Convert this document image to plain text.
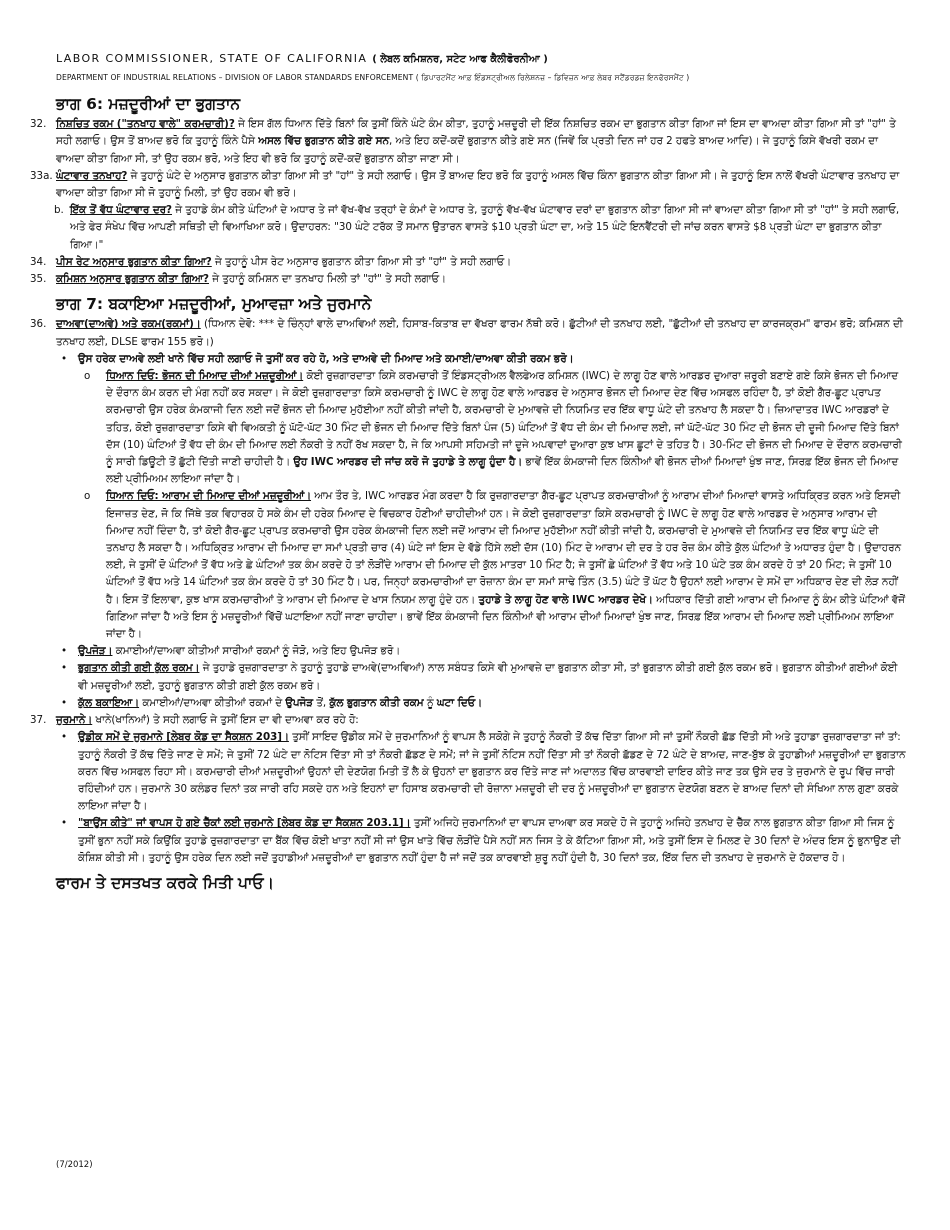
LABOR COMMISSIONER, STATE OF CALIFORNIA ( ਲੇਬਲ ਕਮਿਸ਼ਨਰ, ਸਟੇਟ ਆਫ ਕੈਲੀਫੋਰਨੀਆ )
DEPARTMENT OF INDUSTRIAL RELATIONS – DIVISION OF LABOR STANDARDS ENFORCEMENT ( ਡਿਪਾਰਟਮੈਂਟ ਆਫ਼ ਇੰਡਸਟ੍ਰੀਅਲ ਰਿਲੇਸ਼ਨਜ਼ – ਡਿਵਿਜ਼ਨ ਆਫ਼ ਲੇਬਰ ਸਟੈਂਡਰਡਜ਼ ਇਨਫੋਰਸਮੈਂਟ )
ਭਾਗ 6: ਮਜ਼ਦੂਰੀਆਂ ਦਾ ਭੁਗਤਾਨ
32. ਨਿਸ਼ਚਿਤ ਰਕਮ ("ਤਨਖਾਹ ਵਾਲੇ" ਕਰਮਚਾਰੀ)? ਜੇ ਇਸ ਗੱਲ ਧਿਆਨ ਦਿੱਤੇ ਬਿਨਾਂ ਕਿ ਤੁਸੀਂ ਕਿੰਨੇ ਘੰਟੇ ਕੰਮ ਕੀਤਾ, ਤੁਹਾਨੂੰ ਮਜ਼ਦੂਰੀ ਦੀ ਇੱਕ ਨਿਸ਼ਚਿਤ ਰਕਮ ਦਾ ਭੁਗਤਾਨ ਕੀਤਾ ਗਿਆ ਜਾਂ ਇਸ ਦਾ ਵਾਅਦਾ ਕੀਤਾ ਗਿਆ ਸੀ ਤਾਂ "ਹਾਂ" ਤੇ ਸਹੀ ਲਗਾਓ। ਉਸ ਤੋਂ ਬਾਅਦ ਭਰੋ ਕਿ ਤੁਹਾਨੂੰ ਕਿੰਨੇ ਪੈਸੇ ਅਸਲ ਵਿੱਚ ਭੁਗਤਾਨ ਕੀਤੇ ਗਏ ਸਨ, ਅਤੇ ਇਹ ਕਦੋਂ-ਕਦੋਂ ਭੁਗਤਾਨ ਕੀਤੇ ਗਏ ਸਨ (ਜਿਵੇਂ ਕਿ ਪ੍ਰਤੀ ਦਿਨ ਜਾਂ ਹਰ 2 ਹਫਤੇ ਬਾਅਦ ਆਦਿ)। ਜੇ ਤੁਹਾਨੂੰ ਕਿਸੇ ਵੱਖਰੀ ਰਕਮ ਦਾ ਵਾਅਦਾ ਕੀਤਾ ਗਿਆ ਸੀ, ਤਾਂ ਉਹ ਰਕਮ ਭਰੋ, ਅਤੇ ਇਹ ਵੀ ਭਰੋ ਕਿ ਤੁਹਾਨੂੰ ਕਦੋਂ-ਕਦੋਂ ਭੁਗਤਾਨ ਕੀਤਾ ਜਾਣਾ ਸੀ।
33a. ਘੰਟਾਵਾਰ ਤਨਖਾਹ? ਜੇ ਤੁਹਾਨੂੰ ਘੰਟੇ ਦੇ ਅਨੁਸਾਰ ਭੁਗਤਾਨ ਕੀਤਾ ਗਿਆ ਸੀ ਤਾਂ "ਹਾਂ" ਤੇ ਸਹੀ ਲਗਾਓ। ਉਸ ਤੋਂ ਬਾਅਦ ਇਹ ਭਰੋ ਕਿ ਤੁਹਾਨੂੰ ਅਸਲ ਵਿੱਚ ਕਿੰਨਾ ਭੁਗਤਾਨ ਕੀਤਾ ਗਿਆ ਸੀ। ਜੇ ਤੁਹਾਨੂੰ ਇਸ ਨਾਲੋਂ ਵੱਖਰੀ ਘੰਟਾਵਾਰ ਤਨਖਾਹ ਦਾ ਵਾਅਦਾ ਕੀਤਾ ਗਿਆ ਸੀ ਜੋ ਤੁਹਾਨੂੰ ਮਿਲੀ, ਤਾਂ ਉਹ ਰਕਮ ਵੀ ਭਰੋ।
b. ਇੱਕ ਤੋਂ ਵੱਧ ਘੰਟਾਵਾਰ ਦਰ? ਜੇ ਤੁਹਾਡੇ ਕੰਮ ਕੀਤੇ ਘੰਟਿਆਂ ਦੇ ਅਧਾਰ ਤੇ ਜਾਂ ਵੱਖ-ਵੱਖ ਤਰ੍ਹਾਂ ਦੇ ਕੰਮਾਂ ਦੇ ਅਧਾਰ ਤੇ, ਤੁਹਾਨੂੰ ਵੱਖ-ਵੱਖ ਘੰਟਾਵਾਰ ਦਰਾਂ ਦਾ ਭੁਗਤਾਨ ਕੀਤਾ ਗਿਆ ਸੀ ਜਾਂ ਵਾਅਦਾ ਕੀਤਾ ਗਿਆ ਸੀ ਤਾਂ "ਹਾਂ" ਤੇ ਸਹੀ ਲਗਾਓ, ਅਤੇ ਫੇਰ ਸੰਖੇਪ ਵਿੱਚ ਆਪਣੀ ਸਥਿਤੀ ਦੀ ਵਿਆਖਿਆ ਕਰੋ। ਉਦਾਹਰਨ: "30 ਘੰਟੇ ਟਰੱਕ ਤੋਂ ਸਮਾਨ ਉਤਾਰਨ ਵਾਸਤੇ $10 ਪ੍ਰਤੀ ਘੰਟਾ ਦਾ, ਅਤੇ 15 ਘੰਟੇ ਇਨਵੈਂਟਰੀ ਦੀ ਜਾਂਚ ਕਰਨ ਵਾਸਤੇ $8 ਪ੍ਰਤੀ ਘੰਟਾ ਦਾ ਭੁਗਤਾਨ ਕੀਤਾ ਗਿਆ।"
34. ਪੀਸ ਰੇਟ ਅਨੁਸਾਰ ਭੁਗਤਾਨ ਕੀਤਾ ਗਿਆ? ਜੇ ਤੁਹਾਨੂੰ ਪੀਸ ਰੇਟ ਅਨੁਸਾਰ ਭੁਗਤਾਨ ਕੀਤਾ ਗਿਆ ਸੀ ਤਾਂ "ਹਾਂ" ਤੇ ਸਹੀ ਲਗਾਓ।
35. ਕਮਿਸ਼ਨ ਅਨੁਸਾਰ ਭੁਗਤਾਨ ਕੀਤਾ ਗਿਆ? ਜੇ ਤੁਹਾਨੂੰ ਕਮਿਸ਼ਨ ਦਾ ਤਨਖਾਹ ਮਿਲੀ ਤਾਂ "ਹਾਂ" ਤੇ ਸਹੀ ਲਗਾਓ।
ਭਾਗ 7: ਬਕਾਇਆ ਮਜ਼ਦੂਰੀਆਂ, ਮੁਆਵਜ਼ਾ ਅਤੇ ਜੁਰਮਾਨੇ
36. ਦਾਅਵਾ(ਦਾਅਵੇ) ਅਤੇ ਰਕਮ(ਰਕਮਾਂ)। (ਧਿਆਨ ਦੇਵੋ: *** ਦੇ ਚਿੰਨ੍ਹਾਂ ਵਾਲੇ ਦਾਅਵਿਆਂ ਲਈ, ਹਿਸਾਬ-ਕਿਤਾਬ ਦਾ ਵੱਖਰਾ ਫਾਰਮ ਨੱਥੀ ਕਰੋ। ਛੁੱਟੀਆਂ ਦੀ ਤਨਖਾਹ ਲਈ, "ਛੁੱਟੀਆਂ ਦੀ ਤਨਖਾਹ ਦਾ ਕਾਰਜਕ੍ਰਮ" ਫਾਰਮ ਭਰੋ; ਕਮਿਸ਼ਨ ਦੀ ਤਨਖਾਹ ਲਈ, DLSE ਫਾਰਮ 155 ਭਰੋ।)
• ਉਸ ਹਰੇਕ ਦਾਅਵੇ ਲਈ ਖਾਨੇ ਵਿੱਚ ਸਹੀ ਲਗਾਓ ਜੋ ਤੁਸੀਂ ਕਰ ਰਹੇ ਹੋ, ਅਤੇ ਦਾਅਵੇ ਦੀ ਮਿਆਦ ਅਤੇ ਕਮਾਈ/ਦਾਅਵਾ ਕੀਤੀ ਰਕਮ ਭਰੋ।
o ਧਿਆਨ ਦਿਓ: ਭੋਜਨ ਦੀ ਮਿਆਦ ਦੀਆਂ ਮਜ਼ਦੂਰੀਆਂ। ਕੋਈ ਰੁਜ਼ਗਾਰਦਾਤਾ ਕਿਸੇ ਕਰਮਚਾਰੀ ਤੋਂ ਇੰਡਸਟ੍ਰੀਅਲ ਵੈਲਫੇਅਰ ਕਮਿਸ਼ਨ (IWC) ਦੇ ਲਾਗੂ ਹੋਣ ਵਾਲੇ ਆਰਡਰ ਦੁਆਰਾ ਜ਼ਰੂਰੀ ਬਣਾਏ ਗਏ ਕਿਸੇ ਭੋਜਨ ਦੀ ਮਿਆਦ ਦੇ ਦੌਰਾਨ ਕੰਮ ਕਰਨ ਦੀ ਮੰਗ ਨਹੀਂ ਕਰ ਸਕਦਾ। ਜੇ ਕੋਈ ਰੁਜ਼ਗਾਰਦਾਤਾ ਕਿਸੇ ਕਰਮਚਾਰੀ ਨੂੰ IWC ਦੇ ਲਾਗੂ ਹੋਣ ਵਾਲੇ ਆਰਡਰ ਦੇ ਅਨੁਸਾਰ ਭੋਜਨ ਦੀ ਮਿਆਦ ਦੇਣ ਵਿੱਚ ਅਸਫਲ ਰਹਿੰਦਾ ਹੈ, ਤਾਂ ਕੋਈ ਗੈਰ-ਛੂਟ ਪ੍ਰਾਪਤ ਕਰਮਚਾਰੀ ਉਸ ਹਰੇਕ ਕੰਮਕਾਜੀ ਦਿਨ ਲਈ ਜਦੋਂ ਭੋਜਨ ਦੀ ਮਿਆਦ ਮੁਹੱਈਆ ਨਹੀਂ ਕੀਤੀ ਜਾਂਦੀ ਹੈ, ਕਰਮਚਾਰੀ ਦੇ ਮੁਆਵਜ਼ੇ ਦੀ ਨਿਯਮਿਤ ਦਰ ਇੱਕ ਵਾਧੂ ਘੰਟੇ ਦੀ ਤਨਖਾਹ ਲੈ ਸਕਦਾ ਹੈ। ਜ਼ਿਆਦਾਤਰ IWC ਆਰਡਰਾਂ ਦੇ ਤਹਿਤ, ਕੋਈ ਰੁਜ਼ਗਾਰਦਾਤਾ ਕਿਸੇ ਵੀ ਵਿਅਕਤੀ ਨੂੰ ਘੱਟੋ-ਘੱਟ 30 ਮਿੰਟ ਦੀ ਭੋਜਨ ਦੀ ਮਿਆਦ ਦਿੱਤੇ ਬਿਨਾਂ ਪੰਜ (5) ਘੰਟਿਆਂ ਤੋਂ ਵੱਧ ਦੀ ਕੰਮ ਦੀ ਮਿਆਦ ਲਈ, ਜਾਂ ਘੱਟੋ-ਘੱਟ 30 ਮਿੰਟ ਦੀ ਭੋਜਨ ਦੀ ਦੂਜੀ ਮਿਆਦ ਦਿੱਤੇ ਬਿਨਾਂ ਦੱਸ (10) ਘੰਟਿਆਂ ਤੋਂ ਵੱਧ ਦੀ ਕੰਮ ਦੀ ਮਿਆਦ ਲਈ ਨੌਕਰੀ ਤੇ ਨਹੀਂ ਰੱਖ ਸਕਦਾ ਹੈ, ਜੇ ਕਿ ਆਪਸੀ ਸਹਿਮਤੀ ਜਾਂ ਦੂਜੇ ਅਪਵਾਦਾਂ ਦੁਆਰਾ ਕੁਝ ਖਾਸ ਛੂਟਾਂ ਦੇ ਤਹਿਤ ਹੈ। 30-ਮਿੰਟ ਦੀ ਭੋਜਨ ਦੀ ਮਿਆਦ ਦੇ ਦੌਰਾਨ ਕਰਮਚਾਰੀ ਨੂੰ ਸਾਰੀ ਡਿਊਟੀ ਤੋਂ ਛੁੱਟੀ ਦਿੱਤੀ ਜਾਣੀ ਚਾਹੀਦੀ ਹੈ। ਉਹ IWC ਆਰਡਰ ਦੀ ਜਾਂਚ ਕਰੋ ਜੋ ਤੁਹਾਡੇ ਤੇ ਲਾਗੂ ਹੁੰਦਾ ਹੈ। ਭਾਵੇਂ ਇੱਕ ਕੰਮਕਾਜੀ ਦਿਨ ਕਿੰਨੀਆਂ ਵੀ ਭੋਜਨ ਦੀਆਂ ਮਿਆਦਾਂ ਖੁੰਝ ਜਾਣ, ਸਿਰਫ਼ ਇੱਕ ਭੋਜਨ ਦੀ ਮਿਆਦ ਲਈ ਪ੍ਰੀਮਿਅਮ ਲਾਇਆ ਜਾਂਦਾ ਹੈ।
o ਧਿਆਨ ਦਿਓ: ਆਰਾਮ ਦੀ ਮਿਆਦ ਦੀਆਂ ਮਜ਼ਦੂਰੀਆਂ। ਆਮ ਤੌਰ ਤੇ, IWC ਆਰਡਰ ਮੰਗ ਕਰਦਾ ਹੈ ਕਿ ਰੁਜ਼ਗਾਰਦਾਤਾ ਗੈਰ-ਛੂਟ ਪ੍ਰਾਪਤ ਕਰਮਚਾਰੀਆਂ ਨੂੰ ਆਰਾਮ ਦੀਆਂ ਮਿਆਦਾਂ ਵਾਸਤੇ ਅਧਿਕ੍ਰਿਤ ਕਰਨ ਅਤੇ ਇਸਦੀ ਇਜਾਜ਼ਤ ਦੇਣ, ਜੋ ਕਿ ਜਿੱਥੇ ਤਕ ਵਿਹਾਰਕ ਹੋ ਸਕੇ ਕੰਮ ਦੀ ਹਰੇਕ ਮਿਆਦ ਦੇ ਵਿਚਕਾਰ ਹੋਣੀਆਂ ਚਾਹੀਦੀਆਂ ਹਨ। ਜੇ ਕੋਈ ਰੁਜ਼ਗਾਰਦਾਤਾ ਕਿਸੇ ਕਰਮਚਾਰੀ ਨੂੰ IWC ਦੇ ਲਾਗੂ ਹੋਣ ਵਾਲੇ ਆਰਡਰ ਦੇ ਅਨੁਸਾਰ ਆਰਾਮ ਦੀ ਮਿਆਦ ਨਹੀਂ ਦਿੰਦਾ ਹੈ, ਤਾਂ ਕੋਈ ਗੈਰ-ਛੂਟ ਪ੍ਰਾਪਤ ਕਰਮਚਾਰੀ ਉਸ ਹਰੇਕ ਕੰਮਕਾਜੀ ਦਿਨ ਲਈ ਜਦੋਂ ਆਰਾਮ ਦੀ ਮਿਆਦ ਮੁਹੱਈਆ ਨਹੀਂ ਕੀਤੀ ਜਾਂਦੀ ਹੈ, ਕਰਮਚਾਰੀ ਦੇ ਮੁਆਵਜ਼ੇ ਦੀ ਨਿਯਮਿਤ ਦਰ ਇੱਕ ਵਾਧੂ ਘੰਟੇ ਦੀ ਤਨਖਾਹ ਲੈ ਸਕਦਾ ਹੈ। ਅਧਿਕ੍ਰਿਤ ਆਰਾਮ ਦੀ ਮਿਆਦ ਦਾ ਸਮਾਂ ਪ੍ਰਤੀ ਚਾਰ (4) ਘੰਟੇ ਜਾਂ ਇਸ ਦੇ ਵੱਡੇ ਹਿੱਸੇ ਲਈ ਦੱਸ (10) ਮਿੰਟ ਦੇ ਆਰਾਮ ਦੀ ਦਰ ਤੇ ਹਰ ਰੋਜ਼ ਕੰਮ ਕੀਤੇ ਕੁੱਲ ਘੰਟਿਆਂ ਤੇ ਅਧਾਰਤ ਹੁੰਦਾ ਹੈ। ਉਦਾਹਰਨ ਲਈ, ਜੇ ਤੁਸੀਂ ਦੋ ਘੰਟਿਆਂ ਤੋਂ ਵੱਧ ਅਤੇ ਛੇ ਘੰਟਿਆਂ ਤਕ ਕੰਮ ਕਰਦੇ ਹੋ ਤਾਂ ਲੋੜੀਂਦੇ ਆਰਾਮ ਦੀ ਮਿਆਦ ਦੀ ਕੁੱਲ ਮਾਤਰਾ 10 ਮਿੰਟ ਹੈ; ਜੇ ਤੁਸੀਂ ਛੇ ਘੰਟਿਆਂ ਤੋਂ ਵੱਧ ਅਤੇ 10 ਘੰਟੇ ਤਕ ਕੰਮ ਕਰਦੇ ਹੋ ਤਾਂ 20 ਮਿੰਟ; ਜੇ ਤੁਸੀਂ 10 ਘੰਟਿਆਂ ਤੋਂ ਵੱਧ ਅਤੇ 14 ਘੰਟਿਆਂ ਤਕ ਕੰਮ ਕਰਦੇ ਹੋ ਤਾਂ 30 ਮਿੰਟ ਹੈ। ਪਰ, ਜਿਨ੍ਹਾਂ ਕਰਮਚਾਰੀਆਂ ਦਾ ਰੋਜ਼ਾਨਾ ਕੰਮ ਦਾ ਸਮਾਂ ਸਾਢੇ ਤਿੰਨ (3.5) ਘੰਟੇ ਤੋਂ ਘੱਟ ਹੈ ਉਹਨਾਂ ਲਈ ਆਰਾਮ ਦੇ ਸਮੇਂ ਦਾ ਅਧਿਕਾਰ ਦੇਣ ਦੀ ਲੋੜ ਨਹੀਂ ਹੈ। ਇਸ ਤੋਂ ਇਲਾਵਾ, ਕੁਝ ਖਾਸ ਕਰਮਚਾਰੀਆਂ ਤੇ ਆਰਾਮ ਦੀ ਮਿਆਦ ਦੇ ਖਾਸ ਨਿਯਮ ਲਾਗੂ ਹੁੰਦੇ ਹਨ। ਤੁਹਾਡੇ ਤੇ ਲਾਗੂ ਹੋਣ ਵਾਲੇ IWC ਆਰਡਰ ਦੇਖੋ। ਅਧਿਕਾਰ ਦਿੱਤੀ ਗਈ ਆਰਾਮ ਦੀ ਮਿਆਦ ਨੂੰ ਕੰਮ ਕੀਤੇ ਘੰਟਿਆਂ ਵੱਜੋਂ ਗਿਣਿਆ ਜਾਂਦਾ ਹੈ ਅਤੇ ਇਸ ਨੂੰ ਮਜ਼ਦੂਰੀਆਂ ਵਿੱਚੋਂ ਘਟਾਇਆ ਨਹੀਂ ਜਾਣਾ ਚਾਹੀਦਾ। ਭਾਵੇਂ ਇੱਕ ਕੰਮਕਾਜੀ ਦਿਨ ਕਿੰਨੀਆਂ ਵੀ ਆਰਾਮ ਦੀਆਂ ਮਿਆਦਾਂ ਖੁੰਝ ਜਾਣ, ਸਿਰਫ਼ ਇੱਕ ਆਰਾਮ ਦੀ ਮਿਆਦ ਲਈ ਪ੍ਰੀਮਿਅਮ ਲਾਇਆ ਜਾਂਦਾ ਹੈ।
• ਉਪਜੋੜ। ਕਮਾਈਆਂ/ਦਾਅਵਾ ਕੀਤੀਆਂ ਸਾਰੀਆਂ ਰਕਮਾਂ ਨੂੰ ਜੋੜੋ, ਅਤੇ ਇਹ ਉਪਜੋੜ ਭਰੋ।
• ਭੁਗਤਾਨ ਕੀਤੀ ਗਈ ਕੁੱਲ ਰਕਮ। ਜੇ ਤੁਹਾਡੇ ਰੁਜ਼ਗਾਰਦਾਤਾ ਨੇ ਤੁਹਾਨੂੰ ਤੁਹਾਡੇ ਦਾਅਵੇ(ਦਾਅਵਿਆਂ) ਨਾਲ ਸਬੰਧਤ ਕਿਸੇ ਵੀ ਮੁਆਵਜ਼ੇ ਦਾ ਭੁਗਤਾਨ ਕੀਤਾ ਸੀ, ਤਾਂ ਭੁਗਤਾਨ ਕੀਤੀ ਗਈ ਕੁੱਲ ਰਕਮ ਭਰੋ। ਭੁਗਤਾਨ ਕੀਤੀਆਂ ਗਈਆਂ ਕੋਈ ਵੀ ਮਜ਼ਦੂਰੀਆਂ ਲਈ, ਤੁਹਾਨੂੰ ਭੁਗਤਾਨ ਕੀਤੀ ਗਈ ਕੁੱਲ ਰਕਮ ਭਰੋ।
• ਕੁੱਲ ਬਕਾਇਆ। ਕਮਾਈਆਂ/ਦਾਅਵਾ ਕੀਤੀਆਂ ਰਕਮਾਂ ਦੇ ਉਪਜੋੜ ਤੋਂ, ਕੁੱਲ ਭੁਗਤਾਨ ਕੀਤੀ ਰਕਮ ਨੂੰ ਘਟਾ ਦਿਓ।
37. ਜੁਰਮਾਨੇ। ਖਾਨੇ(ਖਾਨਿਆਂ) ਤੇ ਸਹੀ ਲਗਾਓ ਜੇ ਤੁਸੀਂ ਇਸ ਦਾ ਵੀ ਦਾਅਵਾ ਕਰ ਰਹੇ ਹੋ:
• ਉਡੀਕ ਸਮੇਂ ਦੇ ਜੁਰਮਾਨੇ [ਲੇਬਰ ਕੋਡ ਦਾ ਸੈਕਸ਼ਨ 203]। ਤੁਸੀਂ ਸਾਇਦ ਉਡੀਕ ਸਮੇਂ ਦੇ ਜੁਰਮਾਨਿਆਂ ਨੂੰ ਵਾਪਸ ਲੈ ਸਕੋਗੇ ਜੇ ਤੁਹਾਨੂੰ ਨੌਕਰੀ ਤੋਂ ਕੱਢ ਦਿੱਤਾ ਗਿਆ ਸੀ ਜਾਂ ਤੁਸੀਂ ਨੌਕਰੀ ਛੱਡ ਦਿੱਤੀ ਸੀ ਅਤੇ ਤੁਹਾਡਾ ਰੁਜ਼ਗਾਰਦਾਤਾ ਜਾਂ ਤਾਂ: ਤੁਹਾਨੂੰ ਨੌਕਰੀ ਤੋਂ ਕੱਢ ਦਿੱਤੇ ਜਾਣ ਦੇ ਸਮੇਂ; ਜੇ ਤੁਸੀਂ 72 ਘੰਟੇ ਦਾ ਨੋਟਿਸ ਦਿੱਤਾ ਸੀ ਤਾਂ ਨੌਕਰੀ ਛੱਡਣ ਦੇ ਸਮੇਂ; ਜਾਂ ਜੇ ਤੁਸੀਂ ਨੋਟਿਸ ਨਹੀਂ ਦਿੱਤਾ ਸੀ ਤਾਂ ਨੌਕਰੀ ਛੱਡਣ ਦੇ 72 ਘੰਟੇ ਦੇ ਬਾਅਦ, ਜਾਣ-ਬੁੱਝ ਕੇ ਤੁਹਾਡੀਆਂ ਮਜ਼ਦੂਰੀਆਂ ਦਾ ਭੁਗਤਾਨ ਕਰਨ ਵਿੱਚ ਅਸਫਲ ਰਿਹਾ ਸੀ। ਕਰਮਚਾਰੀ ਦੀਆਂ ਮਜ਼ਦੂਰੀਆਂ ਉਹਨਾਂ ਦੀ ਦੇਣਯੋਗ ਮਿਤੀ ਤੋਂ ਲੈ ਕੇ ਉਹਨਾਂ ਦਾ ਭੁਗਤਾਨ ਕਰ ਦਿੱਤੇ ਜਾਣ ਜਾਂ ਅਦਾਲਤ ਵਿੱਚ ਕਾਰਵਾਈ ਦਾਇਰ ਕੀਤੇ ਜਾਣ ਤਕ ਉਸੇ ਦਰ ਤੇ ਜੁਰਮਾਨੇ ਦੇ ਰੂਪ ਵਿੱਚ ਜਾਰੀ ਰਹਿੰਦੀਆਂ ਹਨ। ਜੁਰਮਾਨੇ 30 ਕਲੰਡਰ ਦਿਨਾਂ ਤਕ ਜਾਰੀ ਰਹਿ ਸਕਦੇ ਹਨ ਅਤੇ ਇਹਨਾਂ ਦਾ ਹਿਸਾਬ ਕਰਮਚਾਰੀ ਦੀ ਰੋਜ਼ਾਨਾ ਮਜ਼ਦੂਰੀ ਦੀ ਦਰ ਨੂੰ ਮਜ਼ਦੂਰੀਆਂ ਦਾ ਭੁਗਤਾਨ ਦੇਣਯੋਗ ਬਣਨ ਦੇ ਬਾਅਦ ਦਿਨਾਂ ਦੀ ਸੰਖਿਆ ਨਾਲ ਗੁਣਾ ਕਰਕੇ ਲਾਇਆ ਜਾਂਦਾ ਹੈ।
• "ਬਾਉਂਸ ਕੀਤੇ" ਜਾਂ ਵਾਪਸ ਹੋ ਗਏ ਚੈੱਕਾਂ ਲਈ ਜੁਰਮਾਨੇ [ਲੇਬਰ ਕੋਡ ਦਾ ਸੈਕਸ਼ਨ 203.1]। ਤੁਸੀਂ ਅਜਿਹੇ ਜੁਰਮਾਨਿਆਂ ਦਾ ਵਾਪਸ ਦਾਅਵਾ ਕਰ ਸਕਦੇ ਹੋ ਜੇ ਤੁਹਾਨੂੰ ਅਜਿਹੇ ਤਨਖਾਹ ਦੇ ਚੈੱਕ ਨਾਲ ਭੁਗਤਾਨ ਕੀਤਾ ਗਿਆ ਸੀ ਜਿਸ ਨੂੰ ਤੁਸੀਂ ਭੁਨਾ ਨਹੀਂ ਸਕੇ ਕਿਉਂਕਿ ਤੁਹਾਡੇ ਰੁਜ਼ਗਾਰਦਾਤਾ ਦਾ ਬੈਂਕ ਵਿੱਚ ਕੋਈ ਖਾਤਾ ਨਹੀਂ ਸੀ ਜਾਂ ਉਸ ਖਾਤੇ ਵਿੱਚ ਲੋੜੀਂਦੇ ਪੈਸੇ ਨਹੀਂ ਸਨ ਜਿਸ ਤੇ ਕੇ ਕੱਟਿਆ ਗਿਆ ਸੀ, ਅਤੇ ਤੁਸੀਂ ਇਸ ਦੇ ਮਿਲਣ ਦੇ 30 ਦਿਨਾਂ ਦੇ ਅੰਦਰ ਇਸ ਨੂੰ ਭੁਨਾਉਣ ਦੀ ਕੋਸ਼ਿਸ਼ ਕੀਤੀ ਸੀ। ਤੁਹਾਨੂੰ ਉਸ ਹਰੇਕ ਦਿਨ ਲਈ ਜਦੋਂ ਤੁਹਾਡੀਆਂ ਮਜ਼ਦੂਰੀਆਂ ਦਾ ਭੁਗਤਾਨ ਨਹੀਂ ਹੁੰਦਾ ਹੈ ਜਾਂ ਜਦੋਂ ਤਕ ਕਾਰਵਾਈ ਸ਼ੁਰੂ ਨਹੀਂ ਹੁੰਦੀ ਹੈ, 30 ਦਿਨਾਂ ਤਕ, ਇੱਕ ਦਿਨ ਦੀ ਤਨਖਾਹ ਦੇ ਜੁਰਮਾਨੇ ਦੇ ਹੱਕਦਾਰ ਹੋ।
ਫਾਰਮ ਤੇ ਦਸਤਖਤ ਕਰਕੇ ਮਿਤੀ ਪਾਓ।
(7/2012)
